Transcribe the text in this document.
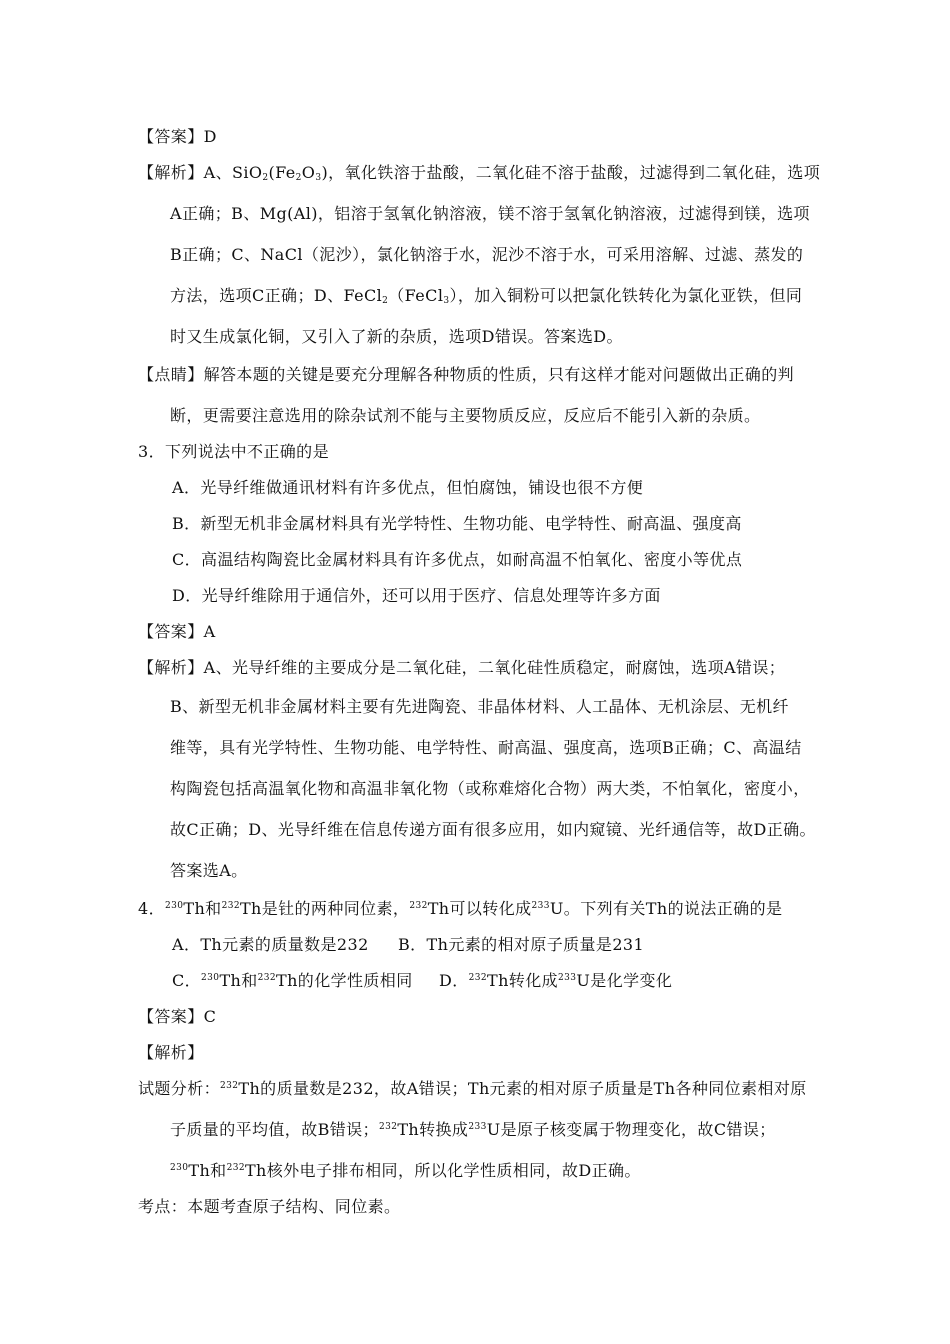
【答案】D
【解析】A、$SiO_2(Fe_2O_3)$，氧化铁溶于盐酸，二氧化硅不溶于盐酸，过滤得到二氧化硅，选项
A正确；B、Mg(Al)，铝溶于氢氧化钠溶液，镁不溶于氢氧化钠溶液，过滤得到镁，选项
B正确；C、NaCl（泥沙），氯化钠溶于水，泥沙不溶于水，可采用溶解、过滤、蒸发的
方法，选项C正确；D、FeCl$_2$（FeCl$_3$），加入铜粉可以把氯化铁转化为氯化亚铁，但同
时又生成氯化铜，又引入了新的杂质，选项D错误。答案选D。
【点睛】解答本题的关键是要充分理解各种物质的性质，只有这样才能对问题做出正确的判
断，更需要注意选用的除杂试剂不能与主要物质反应，反应后不能引入新的杂质。
3．下列说法中不正确的是
A．光导纤维做通讯材料有许多优点，但怕腐蚀，铺设也很不方便
B．新型无机非金属材料具有光学特性、生物功能、电学特性、耐高温、强度高
C．高温结构陶瓷比金属材料具有许多优点，如耐高温不怕氧化、密度小等优点
D．光导纤维除用于通信外，还可以用于医疗、信息处理等许多方面
【答案】A
【解析】A、光导纤维的主要成分是二氧化硅，二氧化硅性质稳定，耐腐蚀，选项A错误；
B、新型无机非金属材料主要有先进陶瓷、非晶体材料、人工晶体、无机涂层、无机纤
维等，具有光学特性、生物功能、电学特性、耐高温、强度高，选项B正确；C、高温结
构陶瓷包括高温氧化物和高温非氧化物（或称难熔化合物）两大类，不怕氧化，密度小，
故C正确；D、光导纤维在信息传递方面有很多应用，如内窥镜、光纤通信等，故D正确。
答案选A。
4．$^{230}$Th和$^{232}$Th是钍的两种同位素，$^{232}$Th可以转化成$^{233}$U。下列有关Th的说法正确的是
A．Th元素的质量数是232 B．Th元素的相对原子质量是231
C．$^{230}$Th和$^{232}$Th的化学性质相同 D．$^{232}$Th转化成$^{233}$U是化学变化
【答案】C
【解析】
试题分析：$^{232}$Th的质量数是232，故A错误；Th元素的相对原子质量是Th各种同位素相对原
子质量的平均值，故B错误；$^{232}$Th转换成$^{233}$U是原子核变属于物理变化，故C错误；
$^{230}$Th和$^{232}$Th核外电子排布相同，所以化学性质相同，故D正确。
考点：本题考查原子结构、同位素。
